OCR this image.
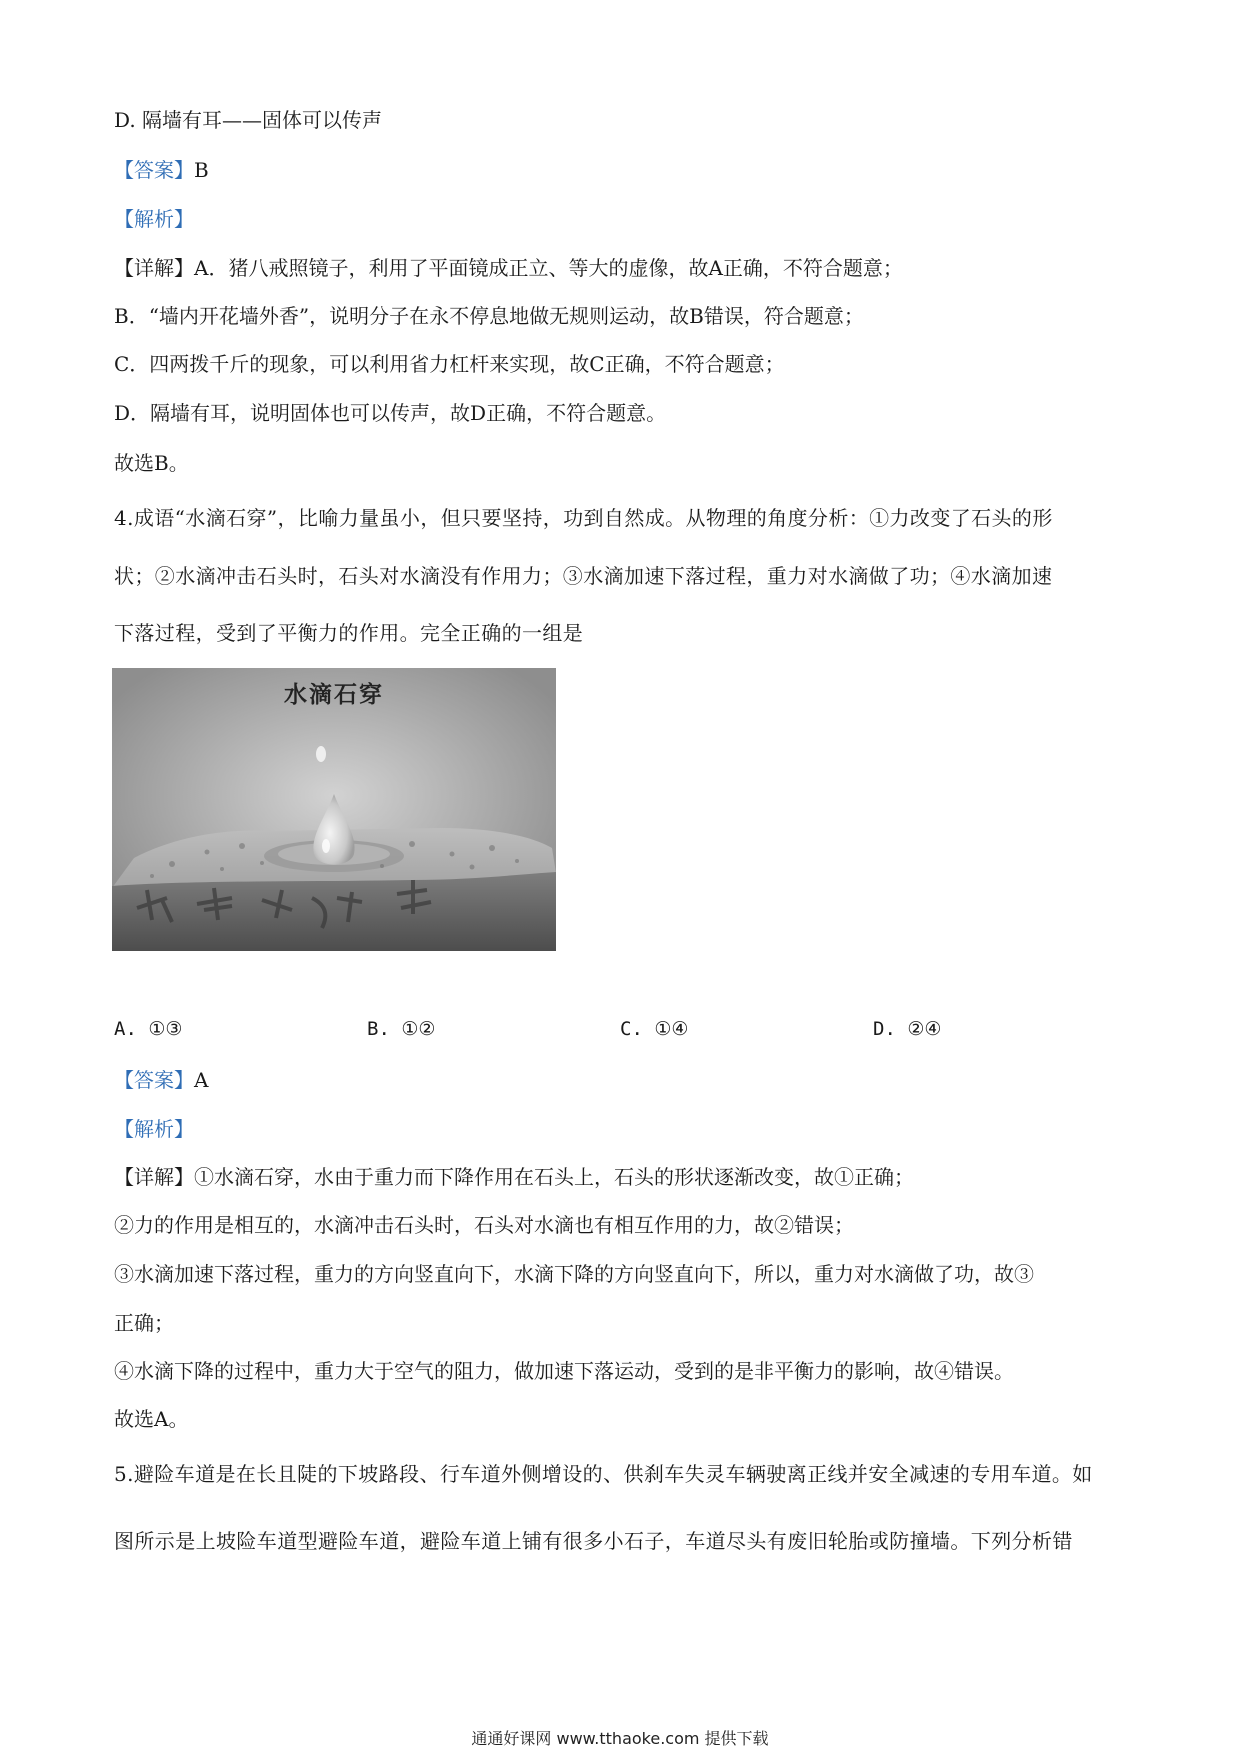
D. 隔墙有耳——固体可以传声
【答案】B
【解析】
【详解】A．猪八戒照镜子，利用了平面镜成正立、等大的虚像，故A正确，不符合题意；
B．“墙内开花墙外香”，说明分子在永不停息地做无规则运动，故B错误，符合题意；
C．四两拨千斤的现象，可以利用省力杠杆来实现，故C正确，不符合题意；
D．隔墙有耳，说明固体也可以传声，故D正确，不符合题意。
故选B。
4.成语“水滴石穿”，比喻力量虽小，但只要坚持，功到自然成。从物理的角度分析：①力改变了石头的形
状；②水滴冲击石头时，石头对水滴没有作用力；③水滴加速下落过程，重力对水滴做了功；④水滴加速
下落过程，受到了平衡力的作用。完全正确的一组是
水滴石穿
A. ①③	B. ①②	C. ①④	D. ②④
【答案】A
【解析】
【详解】①水滴石穿，水由于重力而下降作用在石头上，石头的形状逐渐改变，故①正确；
②力的作用是相互的，水滴冲击石头时，石头对水滴也有相互作用的力，故②错误；
③水滴加速下落过程，重力的方向竖直向下，水滴下降的方向竖直向下，所以，重力对水滴做了功，故③
正确；
④水滴下降的过程中，重力大于空气的阻力，做加速下落运动，受到的是非平衡力的影响，故④错误。
故选A。
5.避险车道是在长且陡的下坡路段、行车道外侧增设的、供刹车失灵车辆驶离正线并安全减速的专用车道。如
图所示是上坡险车道型避险车道，避险车道上铺有很多小石子，车道尽头有废旧轮胎或防撞墙。下列分析错
通通好课网 www.tthaoke.com 提供下载
